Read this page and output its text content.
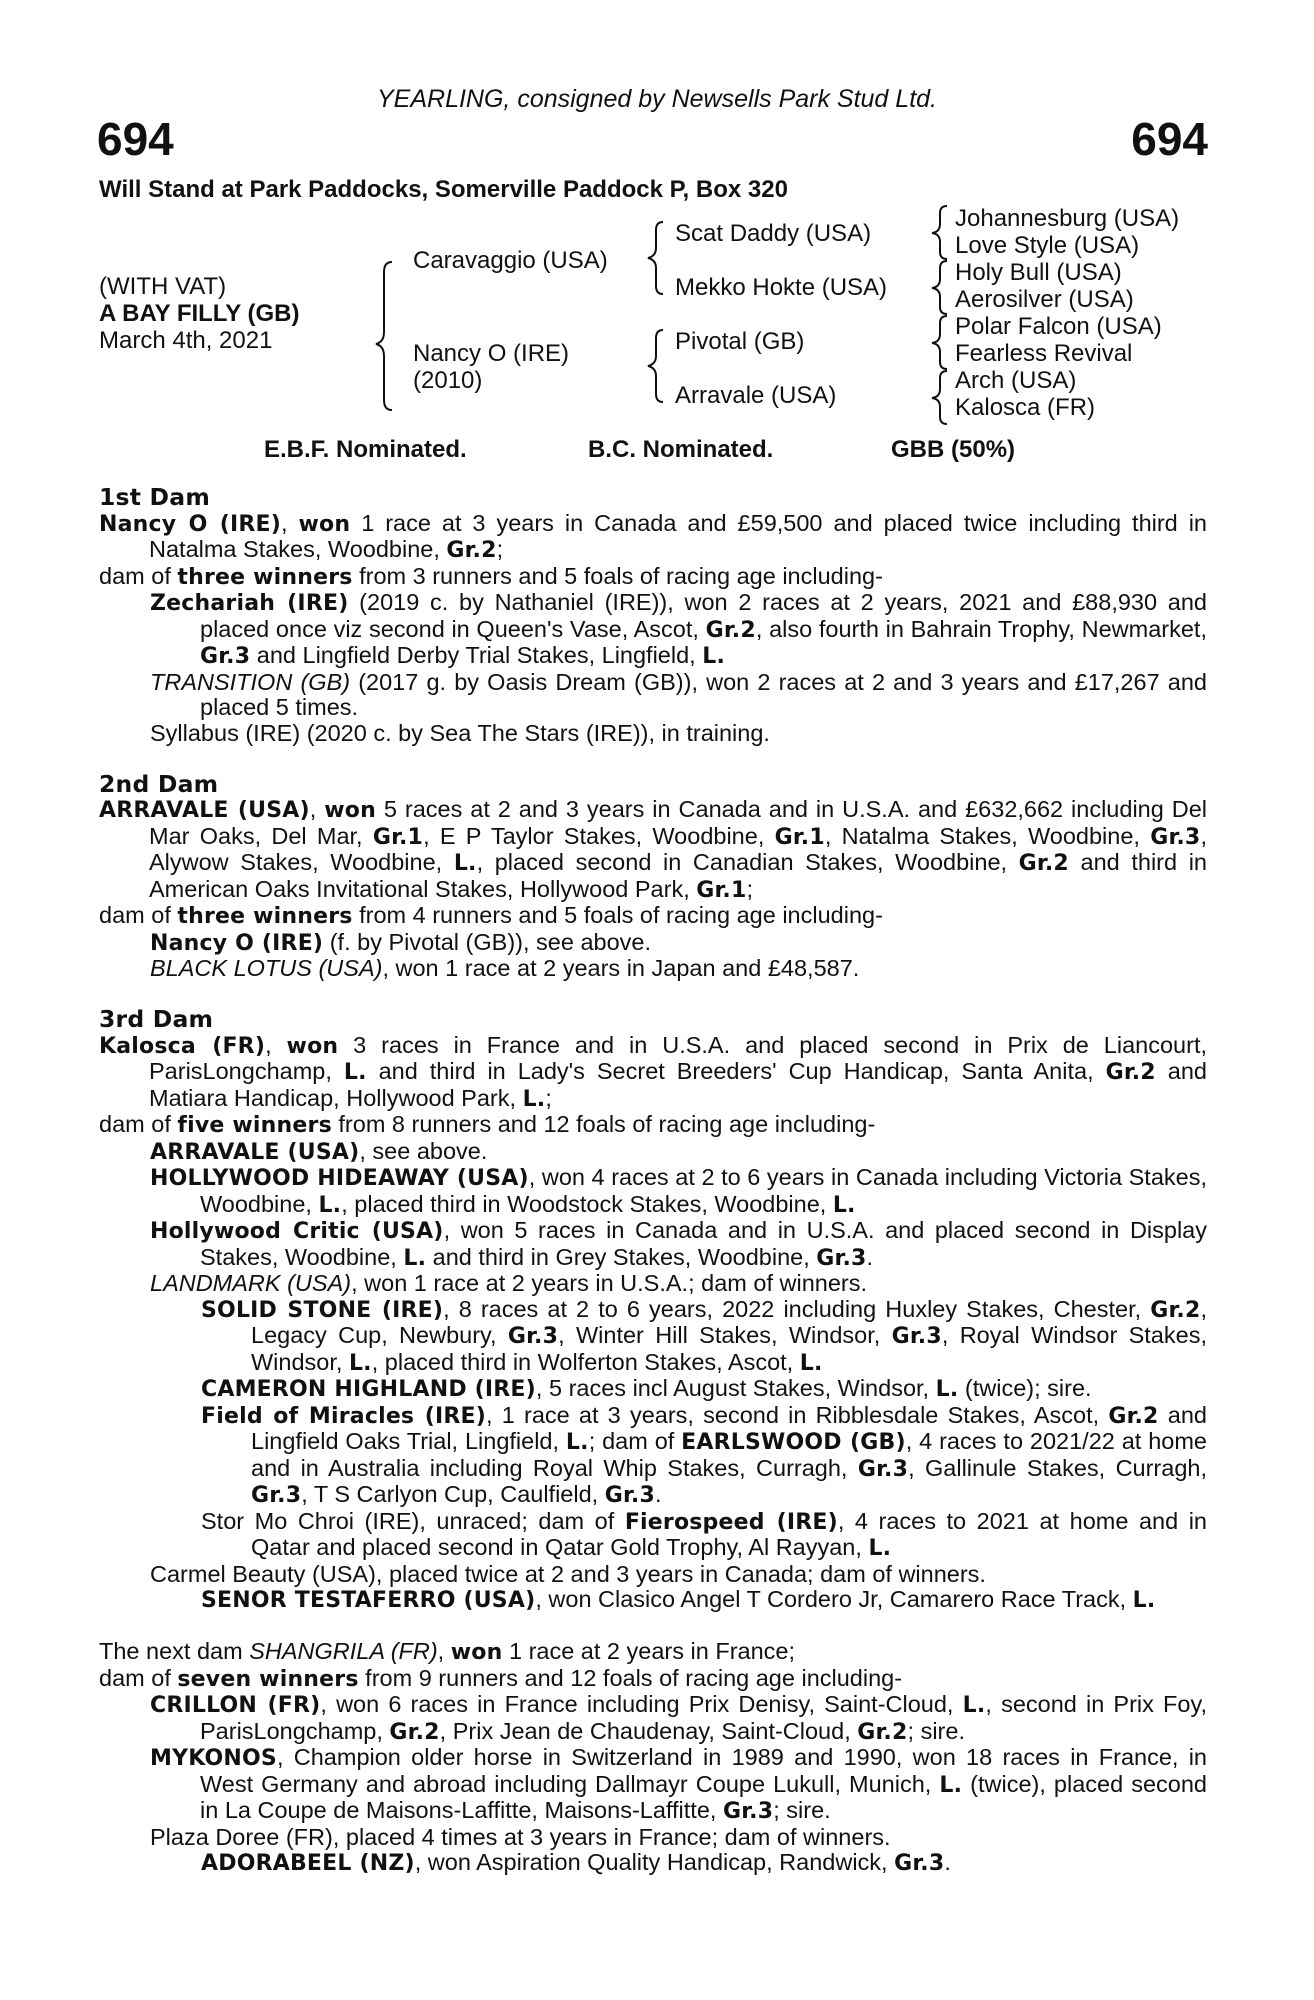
YEARLING, consigned by Newsells Park Stud Ltd.
694	694
Will Stand at Park Paddocks, Somerville Paddock P, Box 320
(WITH VAT)
A BAY FILLY (GB)
March 4th, 2021
Caravaggio (USA)
Nancy O (IRE)
(2010)
Scat Daddy (USA)
Mekko Hokte (USA)
Pivotal (GB)
Arravale (USA)
Johannesburg (USA)
Love Style (USA)
Holy Bull (USA)
Aerosilver (USA)
Polar Falcon (USA)
Fearless Revival
Arch (USA)
Kalosca (FR)
E.B.F. Nominated.	B.C. Nominated.	GBB (50%)

1st Dam

Nancy O (IRE), won 1 race at 3 years in Canada and £59,500 and placed twice including third in Natalma Stakes, Woodbine, Gr.2;

dam of three winners from 3 runners and 5 foals of racing age including-

Zechariah (IRE) (2019 c. by Nathaniel (IRE)), won 2 races at 2 years, 2021 and £88,930 and placed once viz second in Queen's Vase, Ascot, Gr.2, also fourth in Bahrain Trophy, Newmarket, Gr.3 and Lingfield Derby Trial Stakes, Lingfield, L.

TRANSITION (GB) (2017 g. by Oasis Dream (GB)), won 2 races at 2 and 3 years and £17,267 and placed 5 times.

Syllabus (IRE) (2020 c. by Sea The Stars (IRE)), in training.

2nd Dam

ARRAVALE (USA), won 5 races at 2 and 3 years in Canada and in U.S.A. and £632,662 including Del Mar Oaks, Del Mar, Gr.1, E P Taylor Stakes, Woodbine, Gr.1, Natalma Stakes, Woodbine, Gr.3, Alywow Stakes, Woodbine, L., placed second in Canadian Stakes, Woodbine, Gr.2 and third in American Oaks Invitational Stakes, Hollywood Park, Gr.1;

dam of three winners from 4 runners and 5 foals of racing age including-

Nancy O (IRE) (f. by Pivotal (GB)), see above.

BLACK LOTUS (USA), won 1 race at 2 years in Japan and £48,587.

3rd Dam

Kalosca (FR), won 3 races in France and in U.S.A. and placed second in Prix de Liancourt, ParisLongchamp, L. and third in Lady's Secret Breeders' Cup Handicap, Santa Anita, Gr.2 and Matiara Handicap, Hollywood Park, L.;

dam of five winners from 8 runners and 12 foals of racing age including-

ARRAVALE (USA), see above.

HOLLYWOOD HIDEAWAY (USA), won 4 races at 2 to 6 years in Canada including Victoria Stakes, Woodbine, L., placed third in Woodstock Stakes, Woodbine, L.

Hollywood Critic (USA), won 5 races in Canada and in U.S.A. and placed second in Display Stakes, Woodbine, L. and third in Grey Stakes, Woodbine, Gr.3.

LANDMARK (USA), won 1 race at 2 years in U.S.A.; dam of winners.

SOLID STONE (IRE), 8 races at 2 to 6 years, 2022 including Huxley Stakes, Chester, Gr.2, Legacy Cup, Newbury, Gr.3, Winter Hill Stakes, Windsor, Gr.3, Royal Windsor Stakes, Windsor, L., placed third in Wolferton Stakes, Ascot, L.

CAMERON HIGHLAND (IRE), 5 races incl August Stakes, Windsor, L. (twice); sire.

Field of Miracles (IRE), 1 race at 3 years, second in Ribblesdale Stakes, Ascot, Gr.2 and Lingfield Oaks Trial, Lingfield, L.; dam of EARLSWOOD (GB), 4 races to 2021/22 at home and in Australia including Royal Whip Stakes, Curragh, Gr.3, Gallinule Stakes, Curragh, Gr.3, T S Carlyon Cup, Caulfield, Gr.3.

Stor Mo Chroi (IRE), unraced; dam of Fierospeed (IRE), 4 races to 2021 at home and in Qatar and placed second in Qatar Gold Trophy, Al Rayyan, L.

Carmel Beauty (USA), placed twice at 2 and 3 years in Canada; dam of winners.

SENOR TESTAFERRO (USA), won Clasico Angel T Cordero Jr, Camarero Race Track, L.

The next dam SHANGRILA (FR), won 1 race at 2 years in France;

dam of seven winners from 9 runners and 12 foals of racing age including-

CRILLON (FR), won 6 races in France including Prix Denisy, Saint-Cloud, L., second in Prix Foy, ParisLongchamp, Gr.2, Prix Jean de Chaudenay, Saint-Cloud, Gr.2; sire.

MYKONOS, Champion older horse in Switzerland in 1989 and 1990, won 18 races in France, in West Germany and abroad including Dallmayr Coupe Lukull, Munich, L. (twice), placed second in La Coupe de Maisons-Laffitte, Maisons-Laffitte, Gr.3; sire.

Plaza Doree (FR), placed 4 times at 3 years in France; dam of winners.

ADORABEEL (NZ), won Aspiration Quality Handicap, Randwick, Gr.3.
